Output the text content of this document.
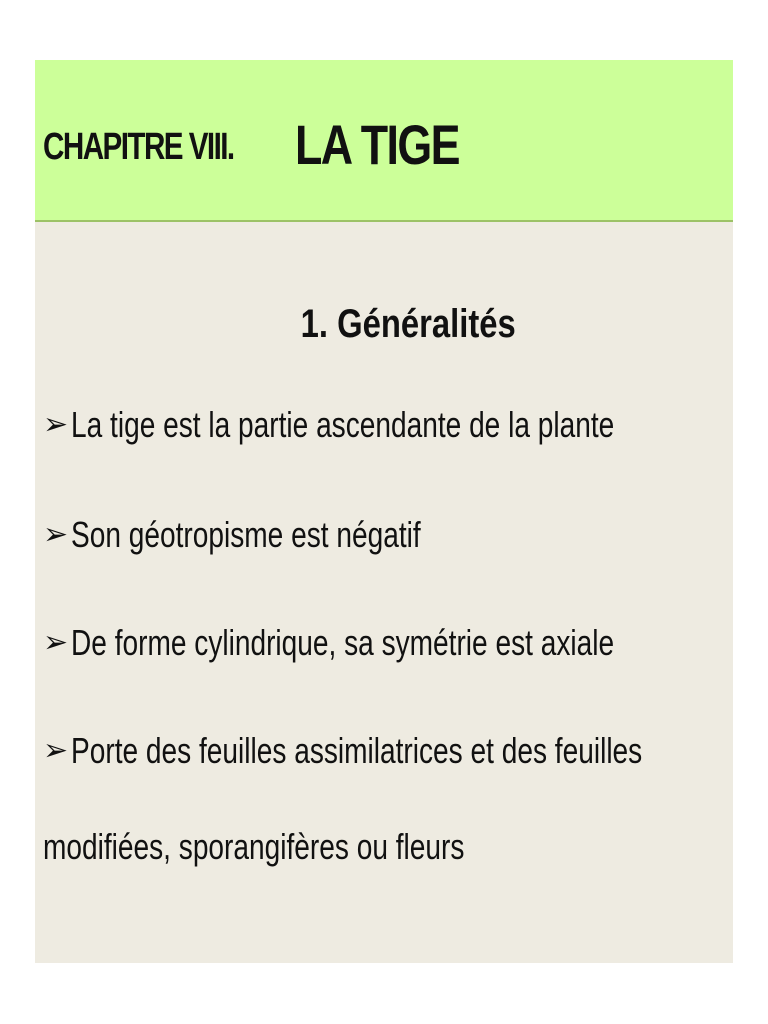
CHAPITRE VIII. LA TIGE
1. Généralités
➢ La tige est la partie ascendante de la plante
➢ Son géotropisme est négatif
➢ De forme cylindrique, sa symétrie est axiale
➢ Porte des feuilles assimilatrices et des feuilles
modifiées, sporangifères ou fleurs
